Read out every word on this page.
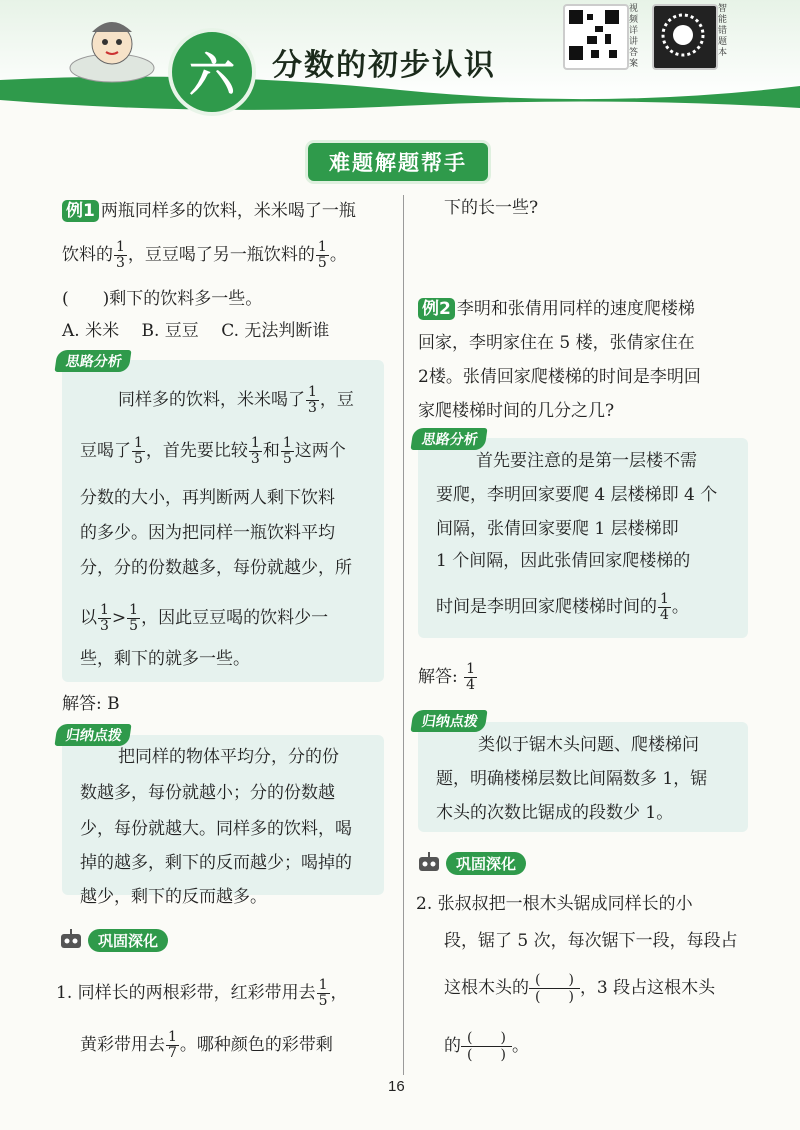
六	分数的初步认识
视频详讲答案
智能错题本
难题解题帮手
例1 两瓶同样多的饮料，米米喝了一瓶
饮料的 $\frac{1}{3}$ ，豆豆喝了另一瓶饮料的 $\frac{1}{5}$ 。
(　　)剩下的饮料多一些。
A. 米米　 B. 豆豆　 C. 无法判断谁
思路分析
同样多的饮料，米米喝了 $\frac{1}{3}$ ，豆
豆喝了 $\frac{1}{5}$ ，首先要比较 $\frac{1}{3}$ 和 $\frac{1}{5}$ 这两个
分数的大小，再判断两人剩下饮料
的多少。因为把同样一瓶饮料平均
分，分的份数越多，每份就越少，所
以 $\frac{1}{3} > \frac{1}{5}$ ，因此豆豆喝的饮料少一
些，剩下的就多一些。
解答: B
归纳点拨
把同样的物体平均分，分的份
数越多，每份就越小；分的份数越
少，每份就越大。同样多的饮料，喝
掉的越多，剩下的反而越少；喝掉的
越少，剩下的反而越多。
巩固深化
1. 同样长的两根彩带，红彩带用去 $\frac{1}{5}$ ，
黄彩带用去 $\frac{1}{7}$ 。哪种颜色的彩带剩
下的长一些?
例2 李明和张倩用同样的速度爬楼梯
回家，李明家住在 5 楼，张倩家住在
2楼。张倩回家爬楼梯的时间是李明回
家爬楼梯时间的几分之几?
思路分析
首先要注意的是第一层楼不需
要爬，李明回家要爬 4 层楼梯即 4 个
间隔，张倩回家要爬 1 层楼梯即
1 个间隔，因此张倩回家爬楼梯的
时间是李明回家爬楼梯时间的 $\frac{1}{4}$ 。
解答: $\frac{1}{4}$
归纳点拨
类似于锯木头问题、爬楼梯问
题，明确楼梯层数比间隔数多 1，锯
木头的次数比锯成的段数少 1。
巩固深化
2. 张叔叔把一根木头锯成同样长的小
段，锯了 5 次，每次锯下一段，每段占
这根木头的 (　　)
(　　) ，3 段占这根木头
的 (　　)
(　　) 。
16
